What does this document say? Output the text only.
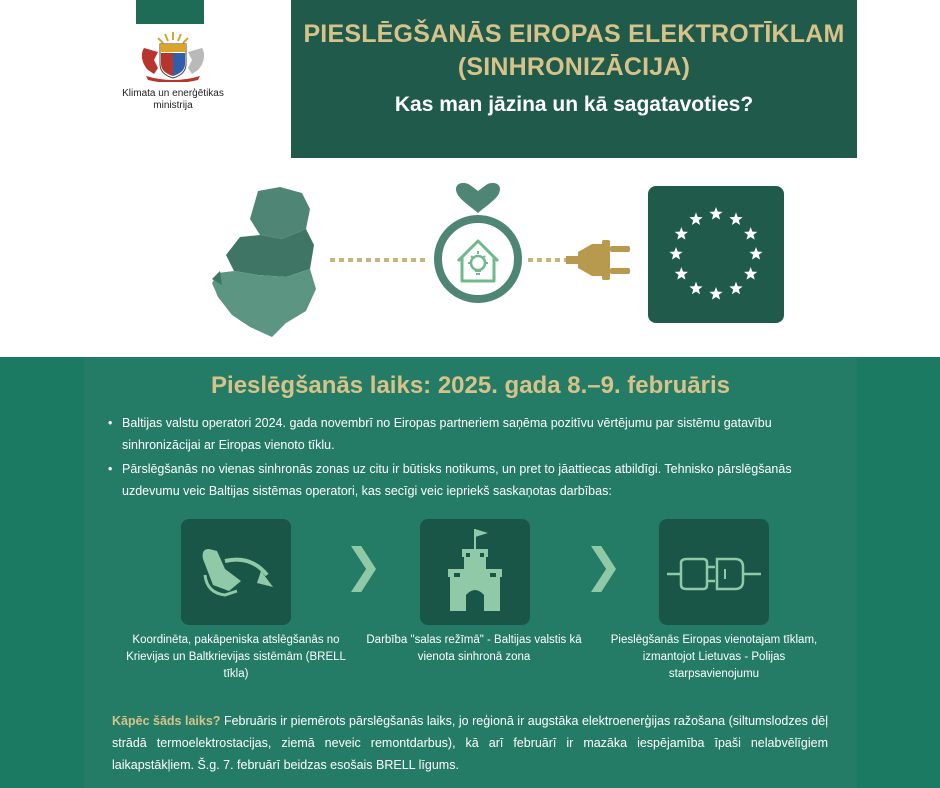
Klimata un enerģētikas ministrija
PIESLĒGŠANĀS EIROPAS ELEKTROTĪKLAM
(SINHRONIZĀCIJA)
Kas man jāzina un kā sagatavoties?
Pieslēgšanās laiks: 2025. gada 8.–9. februāris
• Baltijas valstu operatori 2024. gada novembrī no Eiropas partneriem saņēma pozitīvu vērtējumu par sistēmu gatavību sinhronizācijai ar Eiropas vienoto tīklu.
• Pārslēgšanās no vienas sinhronās zonas uz citu ir būtisks notikums, un pret to jāattiecas atbildīgi. Tehnisko pārslēgšanās uzdevumu veic Baltijas sistēmas operatori, kas secīgi veic iepriekš saskaņotas darbības:
❯	❯
Koordinēta, pakāpeniska atslēgšanās no Krievijas un Baltkrievijas sistēmām (BRELL tīkla)
Darbība "salas režīmā" - Baltijas valstis kā vienota sinhronā zona
Pieslēgšanās Eiropas vienotajam tīklam, izmantojot Lietuvas - Polijas starpsavienojumu
Kāpēc šāds laiks? Februāris ir piemērots pārslēgšanās laiks, jo reģionā ir augstāka elektroenerģijas ražošana (siltumslodzes dēļ strādā termoelektrostacijas, ziemā neveic remontdarbus), kā arī februārī ir mazāka iespējamība īpaši nelabvēlīgiem laikapstākļiem. Š.g. 7. februārī beidzas esošais BRELL līgums.
